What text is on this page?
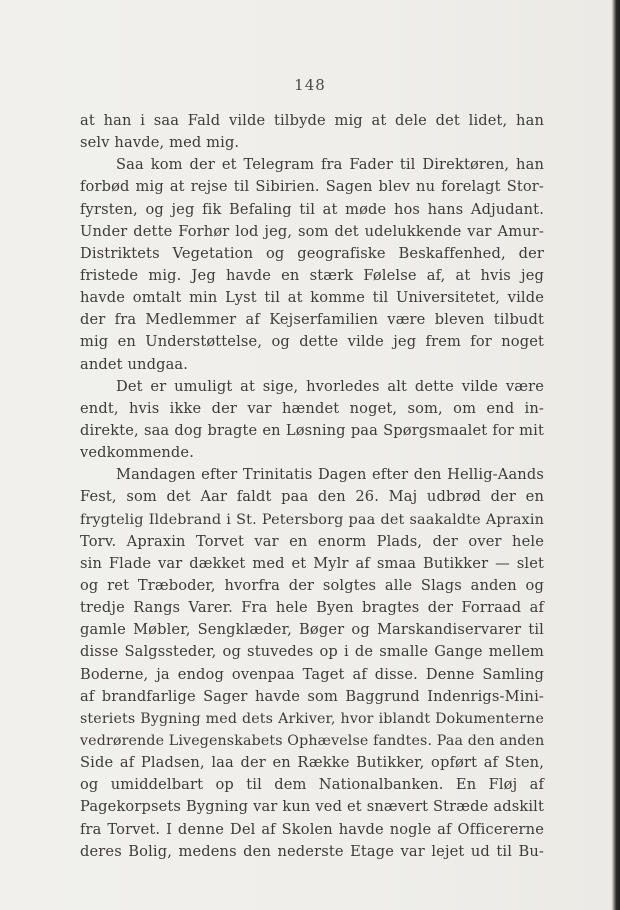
148
at han i saa Fald vilde tilbyde mig at dele det lidet, han
selv havde, med mig.
Saa kom der et Telegram fra Fader til Direktøren, han
forbød mig at rejse til Sibirien. Sagen blev nu forelagt Stor-
fyrsten, og jeg fik Befaling til at møde hos hans Adjudant.
Under dette Forhør lod jeg, som det udelukkende var Amur-
Distriktets Vegetation og geografiske Beskaffenhed, der
fristede mig. Jeg havde en stærk Følelse af, at hvis jeg
havde omtalt min Lyst til at komme til Universitetet, vilde
der fra Medlemmer af Kejserfamilien være bleven tilbudt
mig en Understøttelse, og dette vilde jeg frem for noget
andet undgaa.
Det er umuligt at sige, hvorledes alt dette vilde være
endt, hvis ikke der var hændet noget, som, om end in-
direkte, saa dog bragte en Løsning paa Spørgsmaalet for mit
vedkommende.
Mandagen efter Trinitatis Dagen efter den Hellig-Aands
Fest, som det Aar faldt paa den 26. Maj udbrød der en
frygtelig Ildebrand i St. Petersborg paa det saakaldte Apraxin
Torv. Apraxin Torvet var en enorm Plads, der over hele
sin Flade var dækket med et Mylr af smaa Butikker — slet
og ret Træboder, hvorfra der solgtes alle Slags anden og
tredje Rangs Varer. Fra hele Byen bragtes der Forraad af
gamle Møbler, Sengklæder, Bøger og Marskandiservarer til
disse Salgssteder, og stuvedes op i de smalle Gange mellem
Boderne, ja endog ovenpaa Taget af disse. Denne Samling
af brandfarlige Sager havde som Baggrund Indenrigs-Mini-
steriets Bygning med dets Arkiver, hvor iblandt Dokumenterne
vedrørende Livegenskabets Ophævelse fandtes. Paa den anden
Side af Pladsen, laa der en Række Butikker, opført af Sten,
og umiddelbart op til dem Nationalbanken. En Fløj af
Pagekorpsets Bygning var kun ved et snævert Stræde adskilt
fra Torvet. I denne Del af Skolen havde nogle af Officererne
deres Bolig, medens den nederste Etage var lejet ud til Bu-
